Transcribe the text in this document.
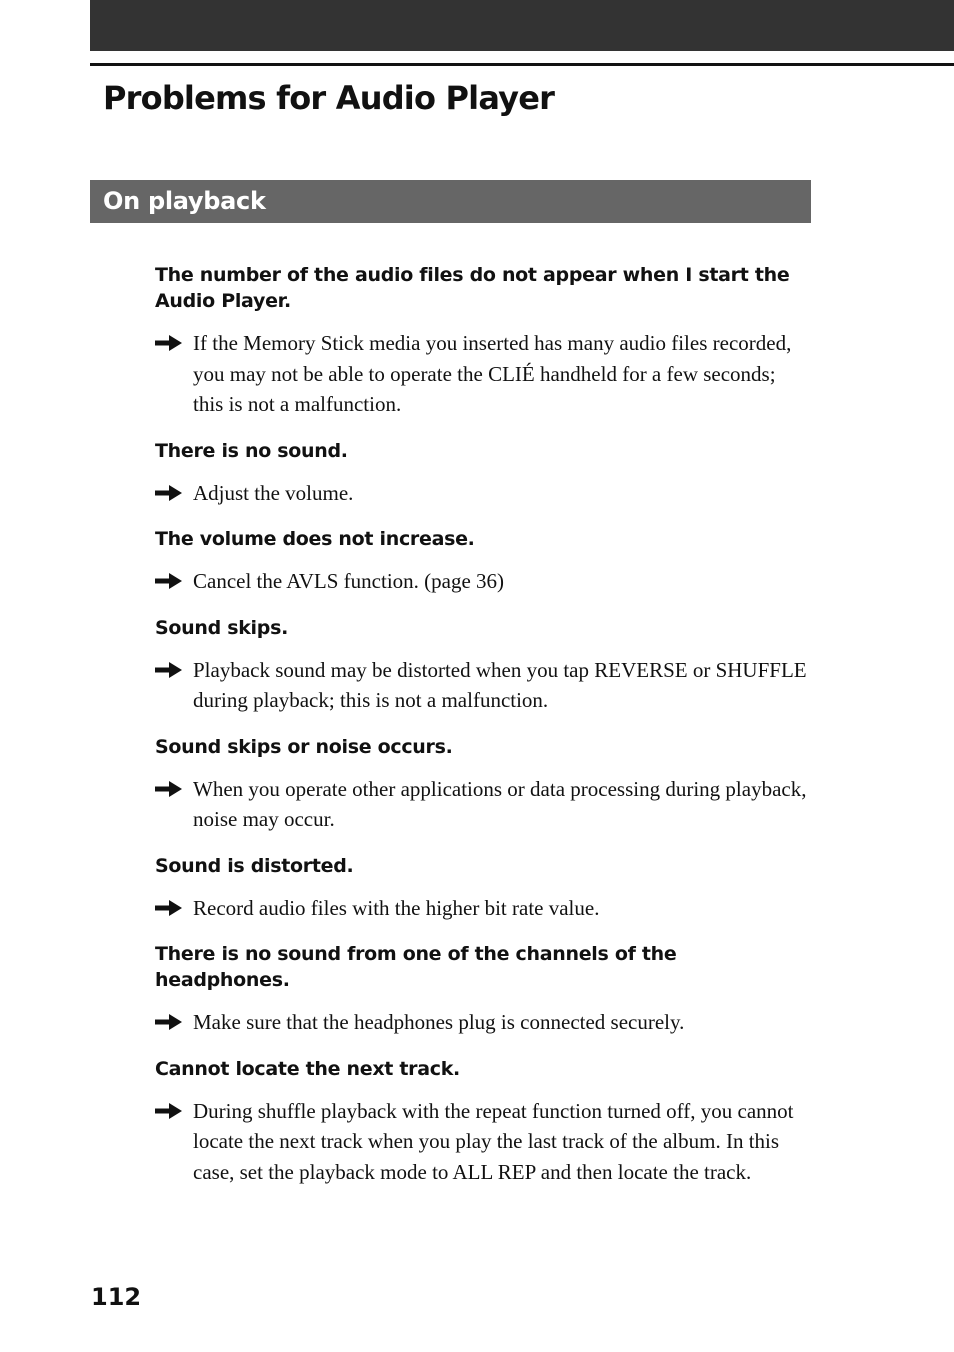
Problems for Audio Player
On playback
The number of the audio files do not appear when I start the Audio Player.
If the Memory Stick media you inserted has many audio files recorded, you may not be able to operate the CLIÉ handheld for a few seconds; this is not a malfunction.
There is no sound.
Adjust the volume.
The volume does not increase.
Cancel the AVLS function. (page 36)
Sound skips.
Playback sound may be distorted when you tap REVERSE or SHUFFLE during playback; this is not a malfunction.
Sound skips or noise occurs.
When you operate other applications or data processing during playback, noise may occur.
Sound is distorted.
Record audio files with the higher bit rate value.
There is no sound from one of the channels of the headphones.
Make sure that the headphones plug is connected securely.
Cannot locate the next track.
During shuffle playback with the repeat function turned off, you cannot locate the next track when you play the last track of the album. In this case, set the playback mode to ALL REP and then locate the track.
112
